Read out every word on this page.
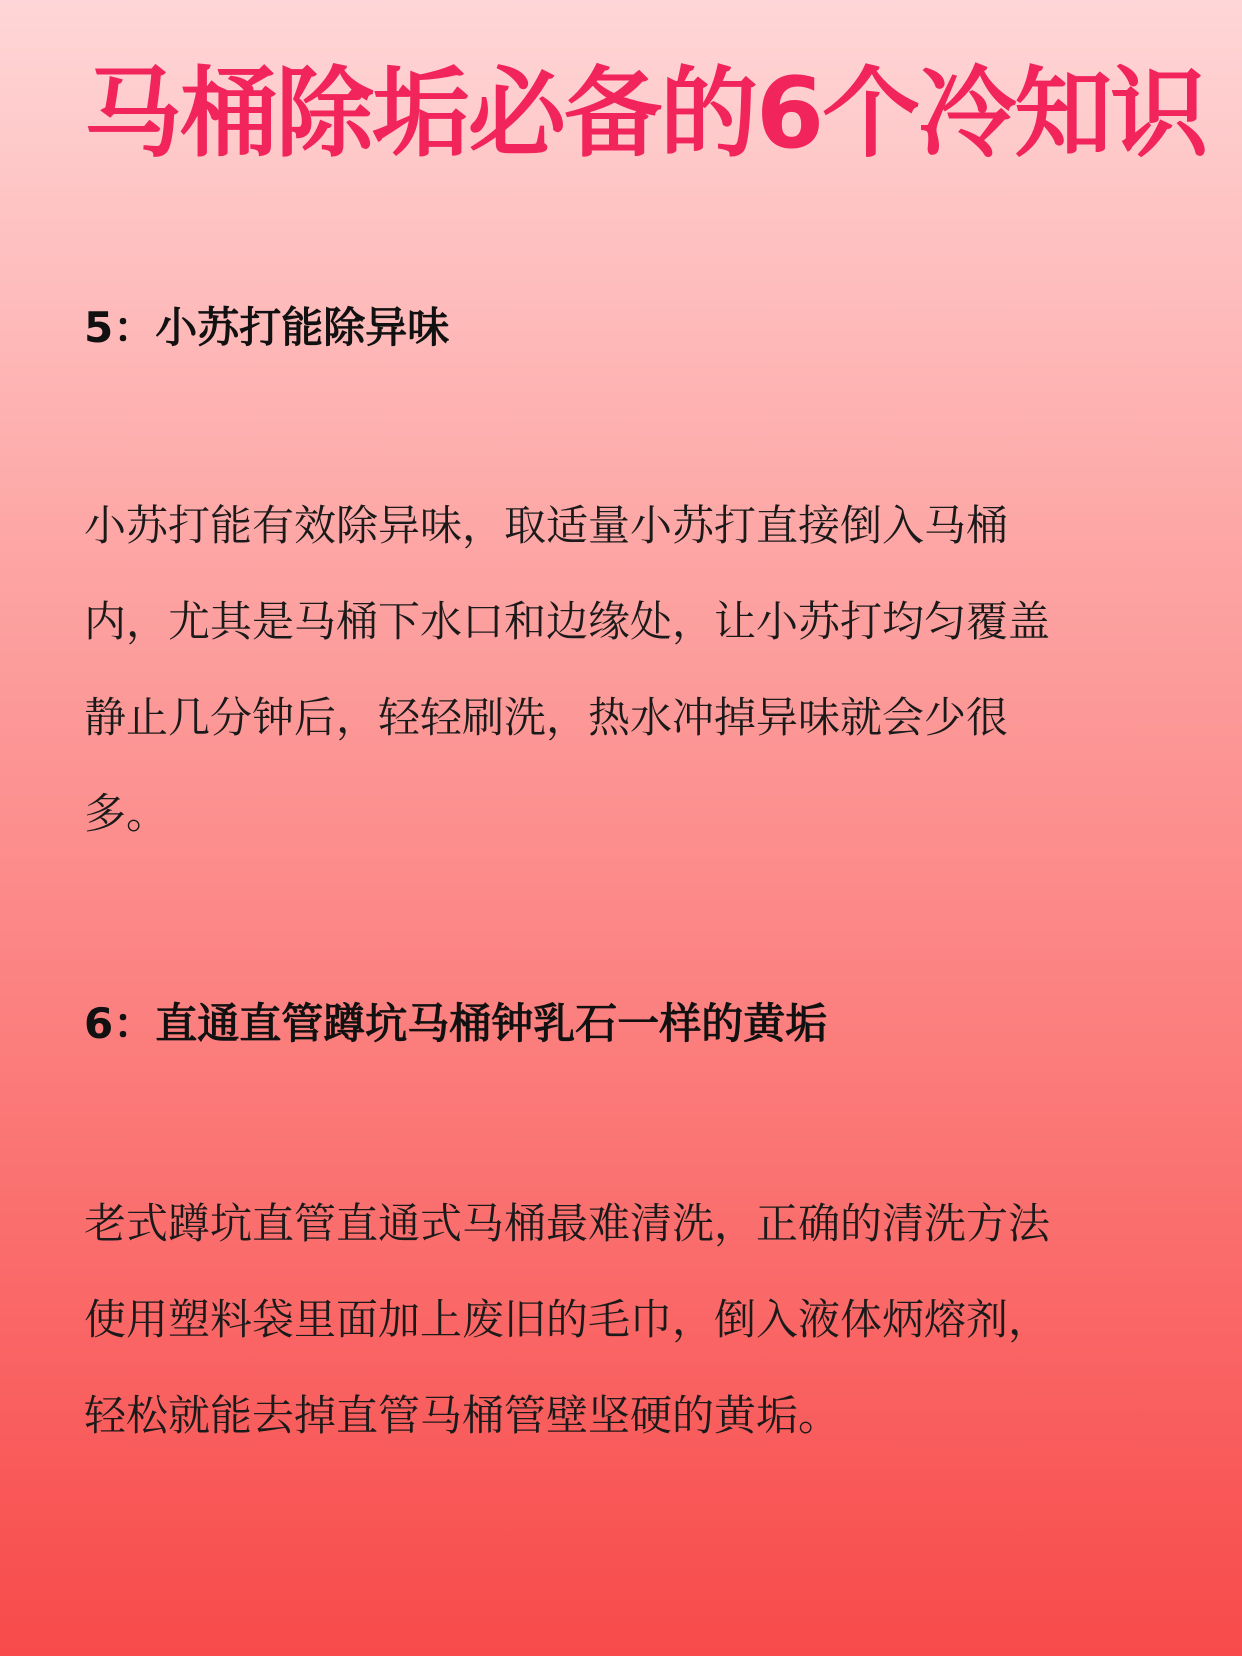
马桶除垢必备的6个冷知识
5：小苏打能除异味
小苏打能有效除异味，取适量小苏打直接倒入马桶
内，尤其是马桶下水口和边缘处，让小苏打均匀覆盖
静止几分钟后，轻轻刷洗，热水冲掉异味就会少很
多。
6：直通直管蹲坑马桶钟乳石一样的黄垢
老式蹲坑直管直通式马桶最难清洗，正确的清洗方法
使用塑料袋里面加上废旧的毛巾，倒入液体炳熔剂，
轻松就能去掉直管马桶管壁坚硬的黄垢。
